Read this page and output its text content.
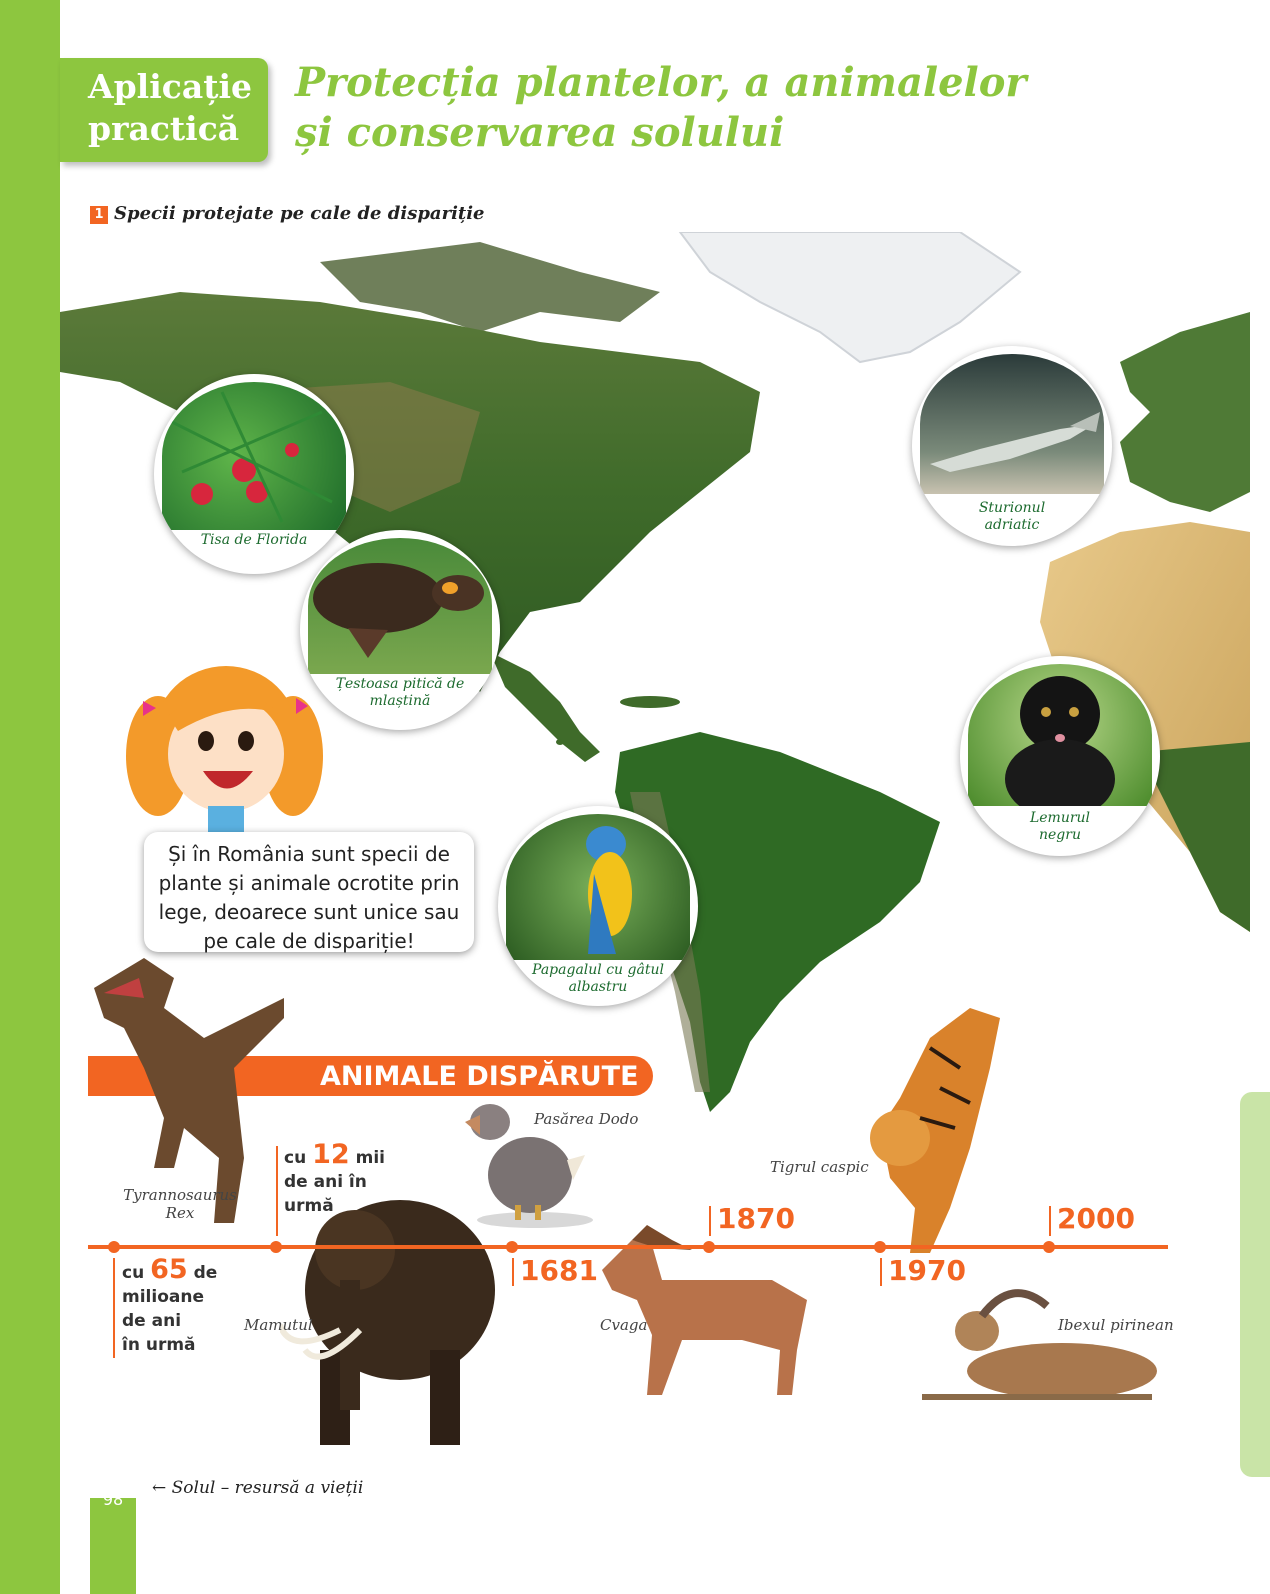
Aplicație
practică
Protecția plantelor, a animalelor
și conservarea solului
1 Specii protejate pe cale de dispariție
Tisa de Florida
Țestoasa pitică de
mlaștină
Sturionul
adriatic
Lemurul
negru
Papagalul cu gâtul
albastru
Și în România sunt specii de
plante și animale ocrotite prin
lege, deoarece sunt unice sau
pe cale de dispariție!
ANIMALE DISPĂRUTE
cu 65 de
milioane
de ani
în urmă
cu 12 mii
de ani în
urmă
1681
1870
1970
2000
Tyrannosaurus
Rex
Mamutul
Pasărea Dodo
Cvaga
Tigrul caspic
Ibexul pirinean
98
← Solul – resursă a vieții
